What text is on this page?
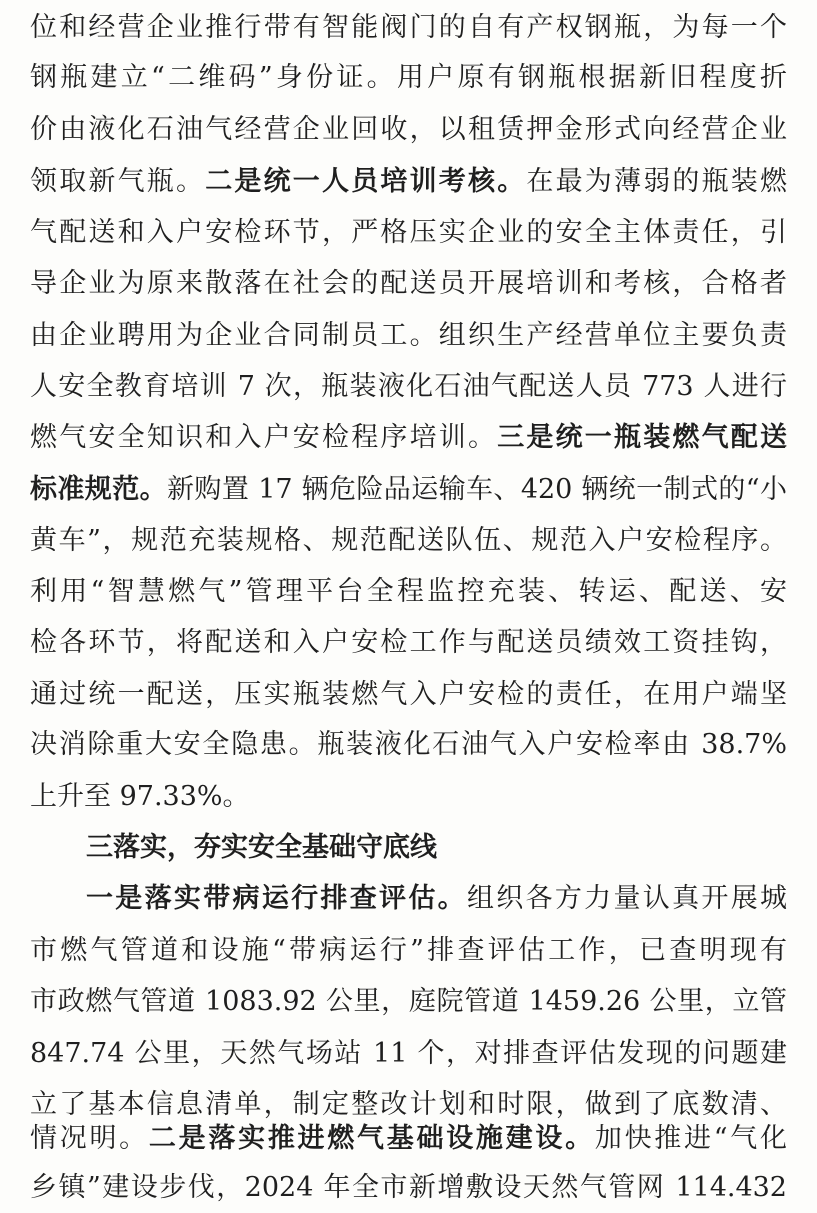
位和经营企业推行带有智能阀门的自有产权钢瓶，为每一个
钢瓶建立“二维码”身份证。用户原有钢瓶根据新旧程度折
价由液化石油气经营企业回收，以租赁押金形式向经营企业
领取新气瓶。二是统一人员培训考核。在最为薄弱的瓶装燃
气配送和入户安检环节，严格压实企业的安全主体责任，引
导企业为原来散落在社会的配送员开展培训和考核，合格者
由企业聘用为企业合同制员工。组织生产经营单位主要负责
人安全教育培训 7 次，瓶装液化石油气配送人员 773 人进行
燃气安全知识和入户安检程序培训。三是统一瓶装燃气配送
标准规范。新购置 17 辆危险品运输车、420 辆统一制式的“小
黄车”，规范充装规格、规范配送队伍、规范入户安检程序。
利用“智慧燃气”管理平台全程监控充装、转运、配送、安
检各环节，将配送和入户安检工作与配送员绩效工资挂钩，
通过统一配送，压实瓶装燃气入户安检的责任，在用户端坚
决消除重大安全隐患。瓶装液化石油气入户安检率由 38.7%
上升至 97.33%。
三落实，夯实安全基础守底线
一是落实带病运行排查评估。组织各方力量认真开展城
市燃气管道和设施“带病运行”排查评估工作，已查明现有
市政燃气管道 1083.92 公里，庭院管道 1459.26 公里，立管
847.74 公里，天然气场站 11 个，对排查评估发现的问题建
立了基本信息清单，制定整改计划和时限，做到了底数清、
情况明。二是落实推进燃气基础设施建设。加快推进“气化
乡镇”建设步伐，2024 年全市新增敷设天然气管网 114.432
